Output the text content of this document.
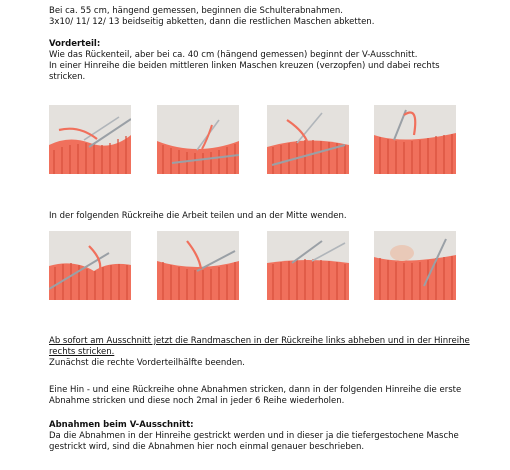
Bei ca. 55 cm, hängend gemessen, beginnen die Schulterabnahmen.
3x10/ 11/ 12/ 13 beidseitig abketten, dann die restlichen Maschen abketten.
Vorderteil:
Wie das Rückenteil, aber bei ca. 40 cm (hängend gemessen) beginnt der V-Ausschnitt.
In einer Hinreihe die beiden mittleren linken Maschen kreuzen (verzopfen) und dabei rechts
stricken.
In der folgenden Rückreihe die Arbeit teilen und an der Mitte wenden.
Ab sofort am Ausschnitt jetzt die Randmaschen in der Rückreihe links abheben und in der Hinreihe
rechts stricken.
Zunächst die rechte Vorderteilhälfte beenden.
Eine Hin - und eine Rückreihe ohne Abnahmen stricken, dann in der folgenden Hinreihe die erste
Abnahme stricken und diese noch 2mal in jeder 6 Reihe wiederholen.
Abnahmen beim V-Ausschnitt:
Da die Abnahmen in der Hinreihe gestrickt werden und in dieser ja die tiefergestochene Masche
gestrickt wird, sind die Abnahmen hier noch einmal genauer beschrieben.
